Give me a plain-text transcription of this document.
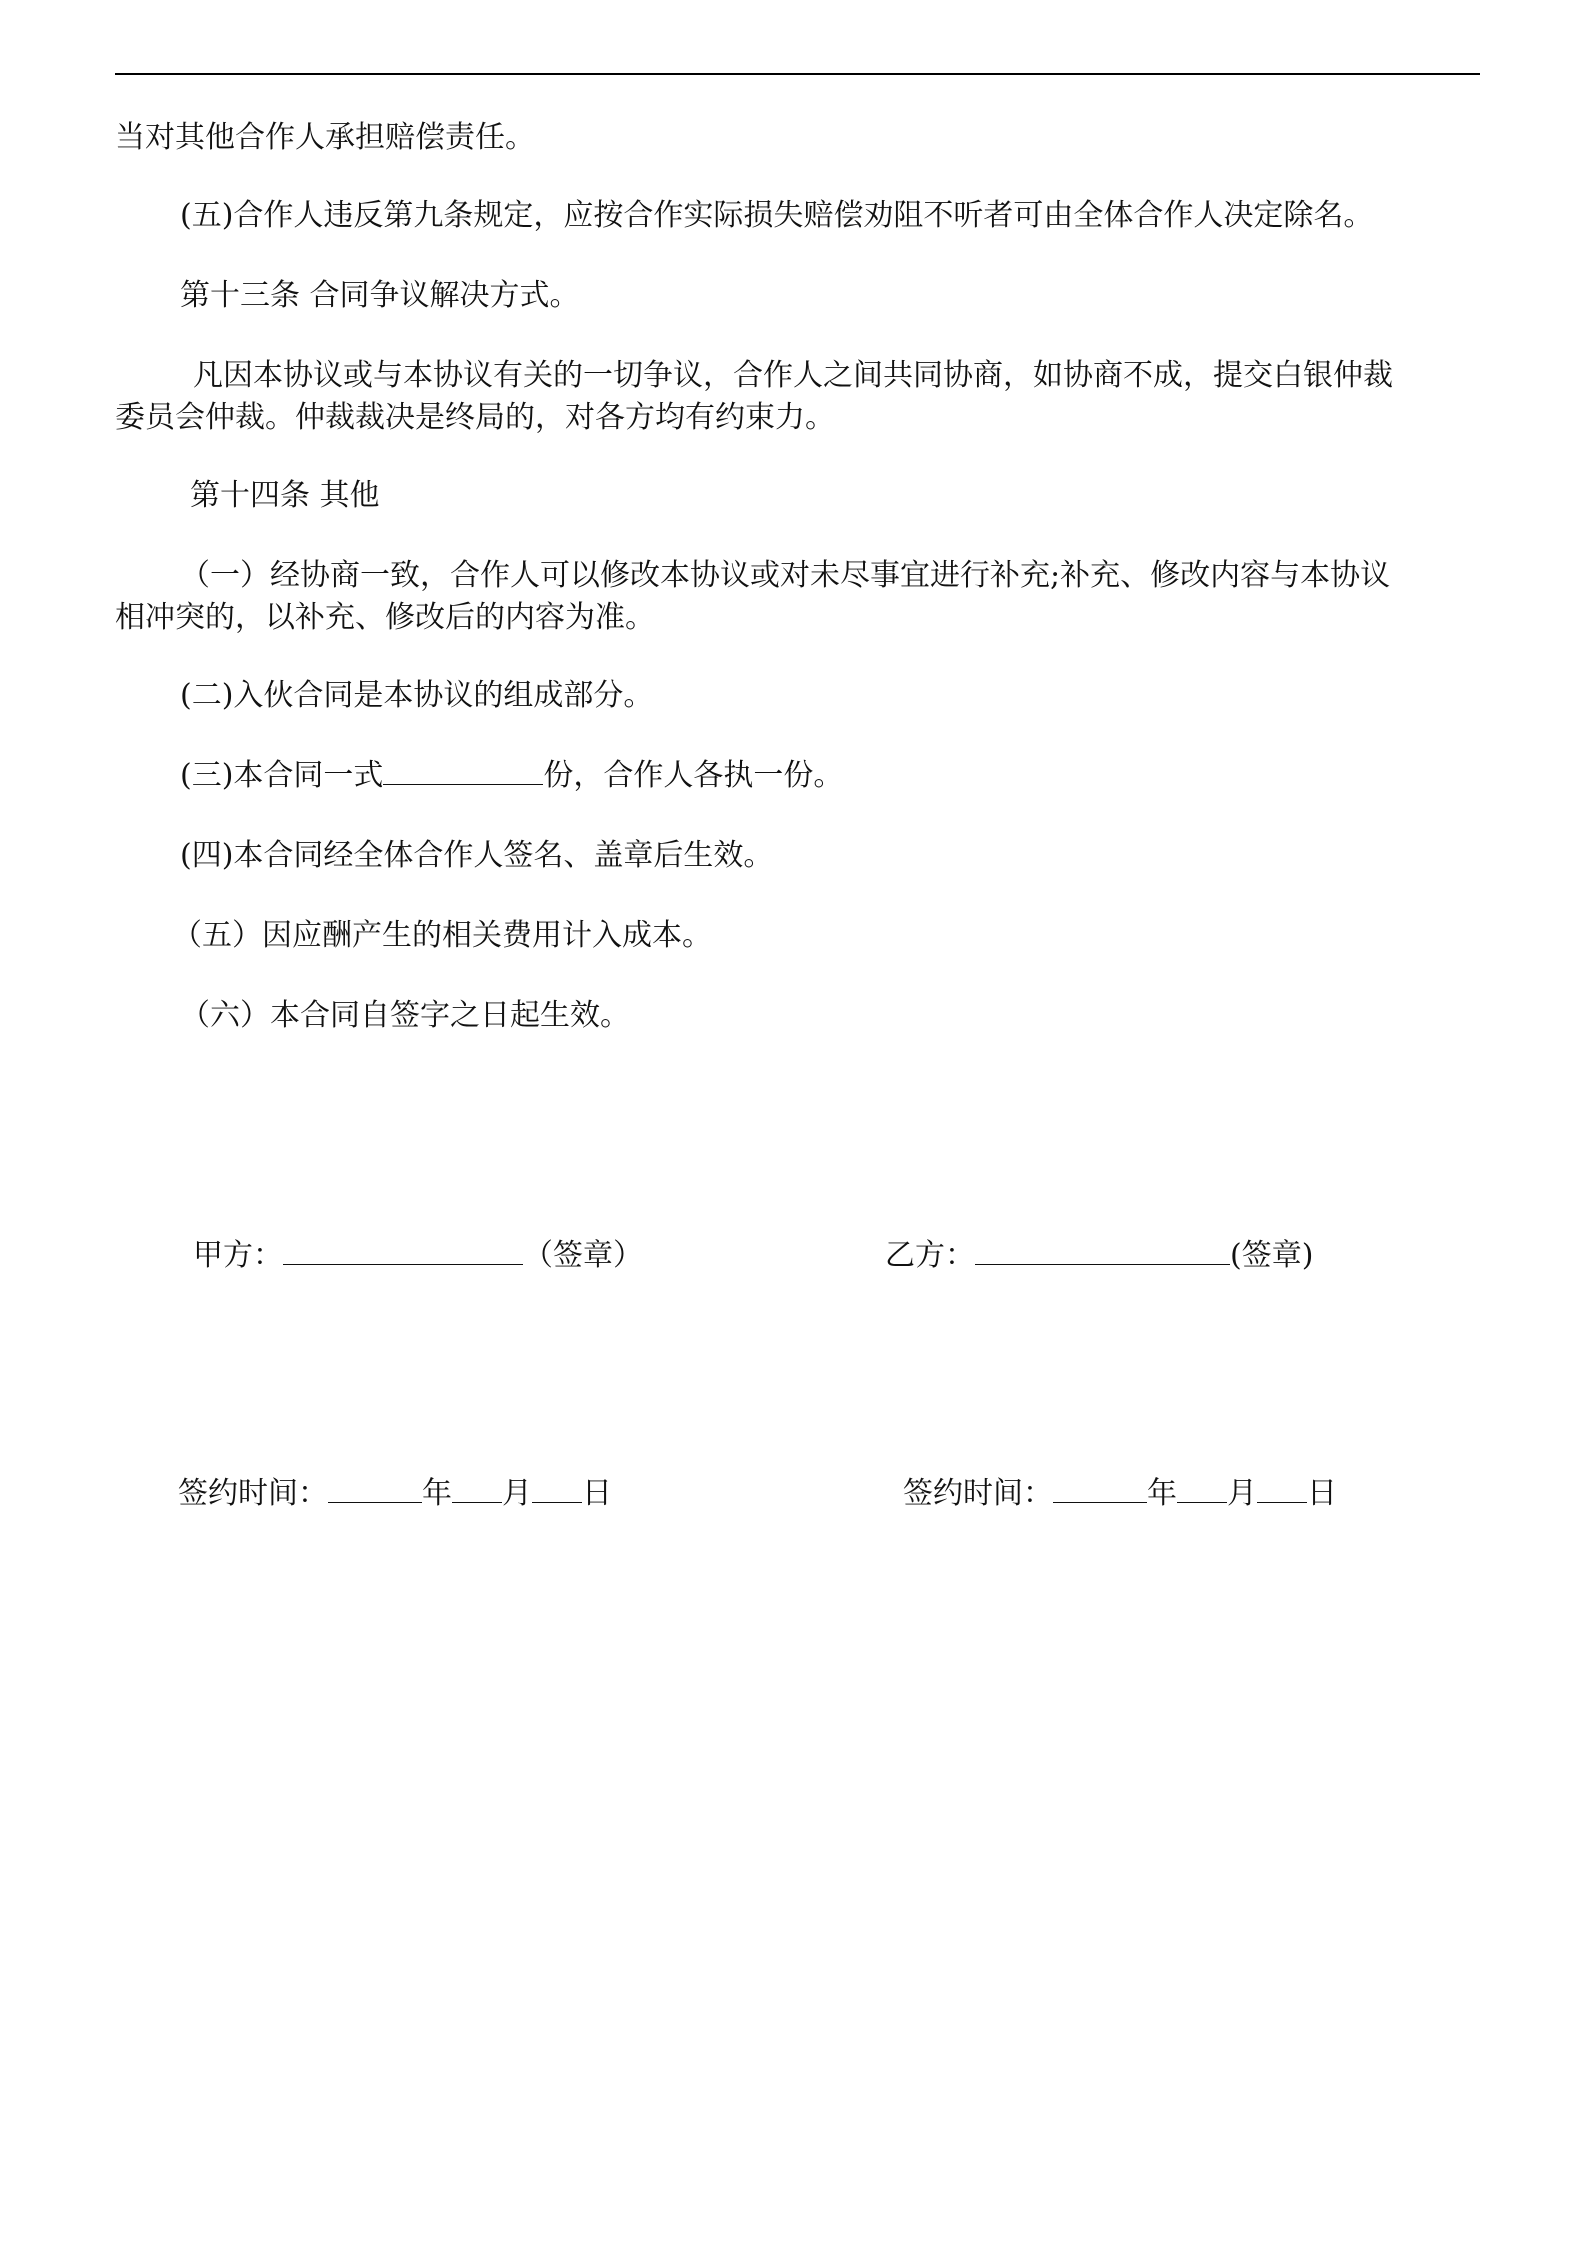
当对其他合作人承担赔偿责任。
(五)合作人违反第九条规定，应按合作实际损失赔偿劝阻不听者可由全体合作人决定除名。
第十三条 合同争议解决方式。
凡因本协议或与本协议有关的一切争议，合作人之间共同协商，如协商不成，提交白银仲裁
委员会仲裁。仲裁裁决是终局的，对各方均有约束力。
第十四条 其他
（一）经协商一致，合作人可以修改本协议或对未尽事宜进行补充;补充、修改内容与本协议
相冲突的，以补充、修改后的内容为准。
(二)入伙合同是本协议的组成部分。
(三)本合同一式	份，合作人各执一份。
(四)本合同经全体合作人签名、盖章后生效。
（五）因应酬产生的相关费用计入成本。
（六）本合同自签字之日起生效。
甲方：	（签章）	乙方：	(签章)
签约时间：	年 月 日	签约时间：	年 月 日
